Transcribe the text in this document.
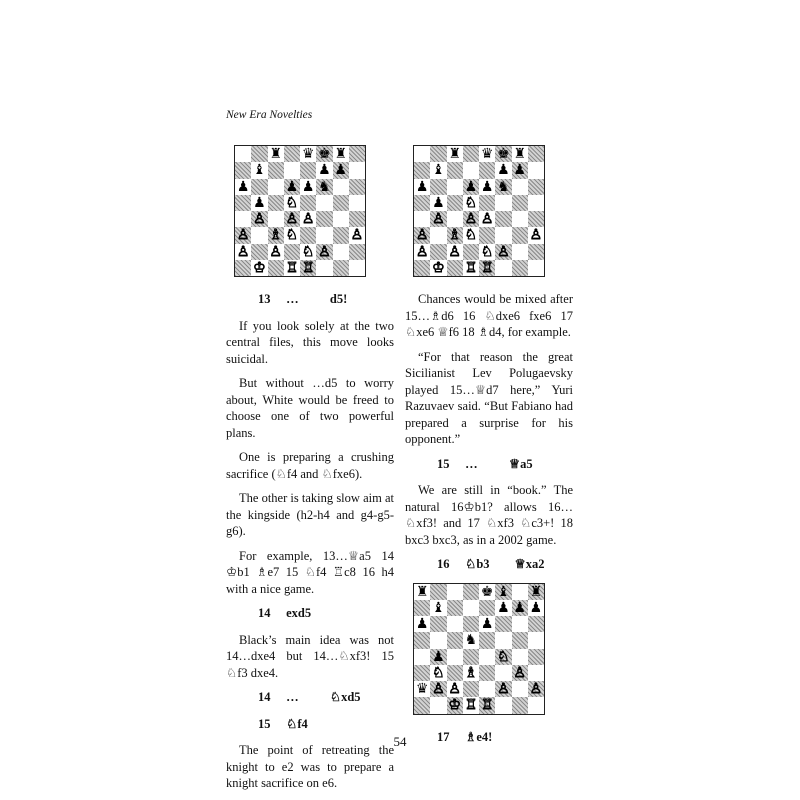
New Era Novelties
♜ ♛ ♚ ♜
♝	♟ ♟
♟	♟ ♟ ♞
♟ ♘
♙ ♙ ♙
♙ ♗ ♘	♙
♙ ♙ ♘ ♙
♔ ♖ ♖

13     …          d5!

If you look solely at the two central files, this move looks suicidal.

But without …d5 to worry about, White would be freed to choose one of two powerful plans.

One is preparing a crushing sacrifice (♘f4 and ♘fxe6).

The other is taking slow aim at the kingside (h2-h4 and g4-g5-g6).

For example, 13…♕a5 14 ♔b1 ♗e7 15 ♘f4 ♖c8 16 h4 with a nice game.

14     exd5

Black’s main idea was not 14…dxe4 but 14…♘xf3! 15 ♘f3 dxe4.

14     …          ♘xd5

15     ♘f4

The point of retreating the knight to e2 was to prepare a knight sacrifice on e6.

♜ ♛ ♚ ♜
♝	♟ ♟
♟	♟ ♟ ♞
♟ ♘
♙ ♙ ♙
♙ ♗ ♘	♙
♙ ♙ ♘ ♙
♔ ♖ ♖

Chances would be mixed after 15…♗d6 16 ♘dxe6 fxe6 17 ♘xe6 ♕f6 18 ♗d4, for example.

“For that reason the great Sicilianist Lev Polugaevsky played 15…♕d7 here,” Yuri Razuvaev said. “But Fabiano had prepared a surprise for his opponent.”

15     …          ♕a5

We are still in “book.” The natural 16♔b1? allows 16…♘xf3! and 17 ♘xf3 ♘c3+! 18 bxc3 bxc3, as in a 2002 game.

16     ♘b3        ♕xa2

♜	♚ ♝ ♜
♝	♟ ♟ ♟
♟	♟
♞
♟	♘
♘ ♗	♙
♛ ♙ ♙	♙ ♙
♔ ♖ ♖

17     ♗e4!

54
